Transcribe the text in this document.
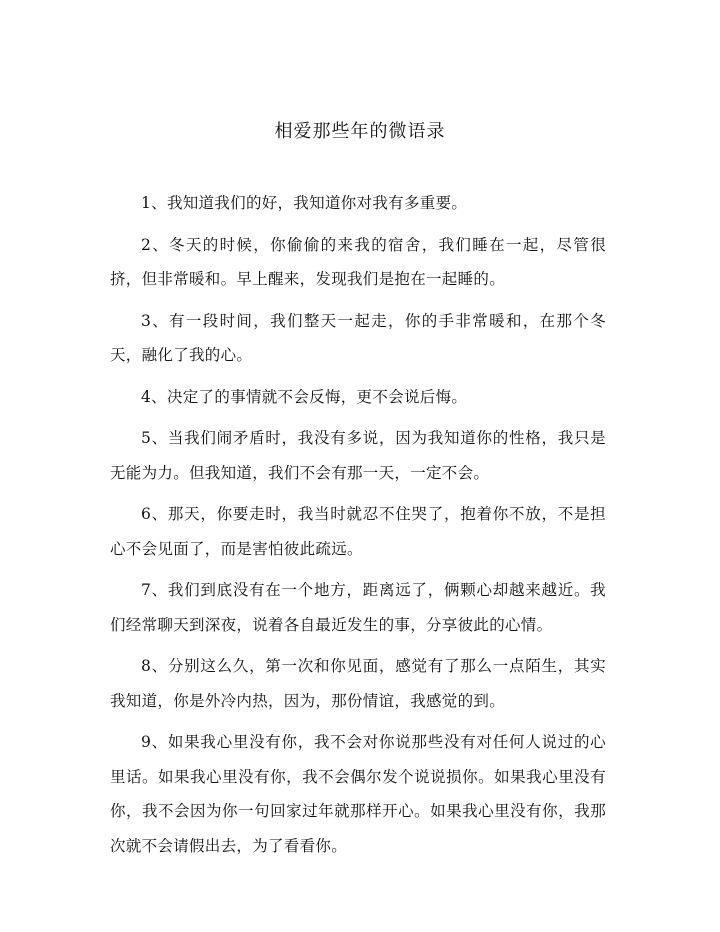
相爱那些年的微语录

1、我知道我们的好，我知道你对我有多重要。

2、冬天的时候，你偷偷的来我的宿舍，我们睡在一起，尽管很挤，但非常暖和。早上醒来，发现我们是抱在一起睡的。

3、有一段时间，我们整天一起走，你的手非常暖和，在那个冬天，融化了我的心。

4、决定了的事情就不会反悔，更不会说后悔。

5、当我们闹矛盾时，我没有多说，因为我知道你的性格，我只是无能为力。但我知道，我们不会有那一天，一定不会。

6、那天，你要走时，我当时就忍不住哭了，抱着你不放，不是担心不会见面了，而是害怕彼此疏远。

7、我们到底没有在一个地方，距离远了，俩颗心却越来越近。我们经常聊天到深夜，说着各自最近发生的事，分享彼此的心情。

8、分别这么久，第一次和你见面，感觉有了那么一点陌生，其实我知道，你是外冷内热，因为，那份情谊，我感觉的到。

9、如果我心里没有你，我不会对你说那些没有对任何人说过的心里话。如果我心里没有你，我不会偶尔发个说说损你。如果我心里没有你，我不会因为你一句回家过年就那样开心。如果我心里没有你，我那次就不会请假出去，为了看看你。
